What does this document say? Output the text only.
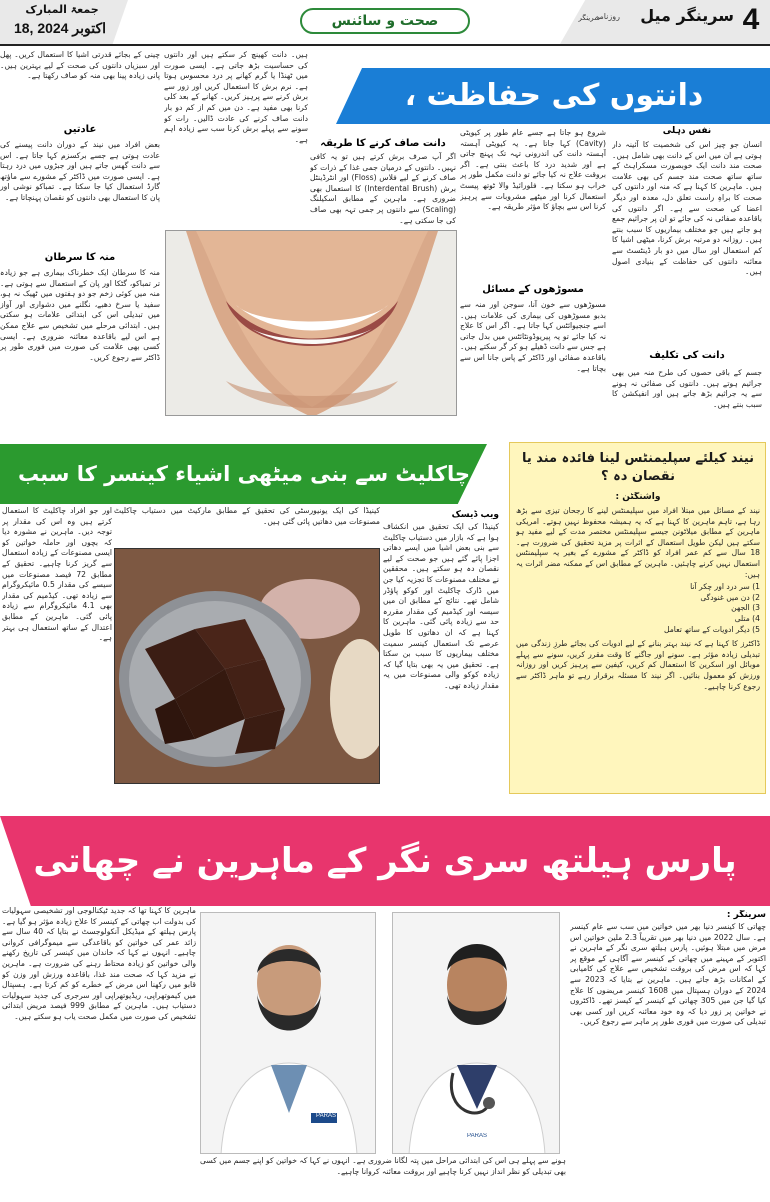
جمعۃ المبارک
18, اکتوبر 2024	صحت و سائنس	4
سرینگر میل
روزنامہ
سرینگر
دانتوں کی حفاظت ،
نفس دہلی
انسان جو چیز اس کی شخصیت کا آئینہ دار ہوتی ہے ان میں اس کے دانت بھی شامل ہیں۔ صحت مند دانت ایک خوبصورت مسکراہٹ کے ساتھ ساتھ صحت مند جسم کی بھی علامت ہیں۔ ماہرین کا کہنا ہے کہ منہ اور دانتوں کی صحت کا براہِ راست تعلق دل، معدہ اور دیگر اعضا کی صحت سے ہے۔ اگر دانتوں کی باقاعدہ صفائی نہ کی جائے تو ان پر جراثیم جمع ہو جاتے ہیں جو مختلف بیماریوں کا سبب بنتے ہیں۔ روزانہ دو مرتبہ برش کرنا، میٹھی اشیا کا کم استعمال اور سال میں دو بار ڈینٹسٹ سے معائنہ دانتوں کی حفاظت کے بنیادی اصول ہیں۔
شروع ہو جاتا ہے جسے عام طور پر کیویٹی (Cavity) کہا جاتا ہے۔ یہ کیویٹی آہستہ آہستہ دانت کی اندرونی تہہ تک پہنچ جاتی ہے اور شدید درد کا باعث بنتی ہے۔ اگر بروقت علاج نہ کیا جائے تو دانت مکمل طور پر خراب ہو سکتا ہے۔ فلورائیڈ والا ٹوتھ پیسٹ استعمال کرنا اور میٹھے مشروبات سے پرہیز کرنا اس سے بچاؤ کا مؤثر طریقہ ہے۔
دانت صاف کرنے کا طریقہ
اگر آپ صرف برش کرتے ہیں تو یہ کافی نہیں۔ دانتوں کے درمیان جمی غذا کے ذرات کو صاف کرنے کے لیے فلاس (Floss) اور انٹرڈینٹل برش (Interdental Brush) کا استعمال بھی ضروری ہے۔ ماہرین کے مطابق اسکیلنگ (Scaling) سے دانتوں پر جمی تہہ بھی صاف کی جا سکتی ہے۔
ہیں۔ دانت کھینچ کر سکتے ہیں اور دانتوں کی حساسیت بڑھ جاتی ہے۔ ایسی صورت میں ٹھنڈا یا گرم کھانے پر درد محسوس ہوتا ہے۔ نرم برش کا استعمال کریں اور زور سے برش کرنے سے پرہیز کریں۔ کھانے کے بعد کلی کرنا بھی مفید ہے۔ دن میں کم از کم دو بار دانت صاف کرنے کی عادت ڈالیں۔ رات کو سونے سے پہلے برش کرنا سب سے زیادہ اہم ہے۔
چینی کے بجائے قدرتی اشیا کا استعمال کریں۔ پھل اور سبزیاں دانتوں کی صحت کے لیے بہترین ہیں۔ پانی زیادہ پینا بھی منہ کو صاف رکھتا ہے۔
عادتیں
بعض افراد میں نیند کے دوران دانت پیسنے کی عادت ہوتی ہے جسے برکسزم کہا جاتا ہے۔ اس سے دانت گھس جاتے ہیں اور جبڑوں میں درد رہتا ہے۔ ایسی صورت میں ڈاکٹر کے مشورے سے ماؤتھ گارڈ استعمال کیا جا سکتا ہے۔ تمباکو نوشی اور پان کا استعمال بھی دانتوں کو نقصان پہنچاتا ہے۔
منہ کا سرطان
منہ کا سرطان ایک خطرناک بیماری ہے جو زیادہ تر تمباکو، گٹکا اور پان کے استعمال سے ہوتی ہے۔ منہ میں کوئی زخم جو دو ہفتوں میں ٹھیک نہ ہو، سفید یا سرخ دھبے، نگلنے میں دشواری اور آواز میں تبدیلی اس کی ابتدائی علامات ہو سکتی ہیں۔ ابتدائی مرحلے میں تشخیص سے علاج ممکن ہے اس لیے باقاعدہ معائنہ ضروری ہے۔ ایسی کسی بھی علامت کی صورت میں فوری طور پر ڈاکٹر سے رجوع کریں۔
مسوڑھوں کے مسائل
مسوڑھوں سے خون آنا، سوجن اور منہ سے بدبو مسوڑھوں کی بیماری کی علامات ہیں۔ اسے جنجیوائٹس کہا جاتا ہے۔ اگر اس کا علاج نہ کیا جائے تو یہ پیریوڈونٹائٹس میں بدل جاتی ہے جس سے دانت ڈھیلے ہو کر گر سکتے ہیں۔ باقاعدہ صفائی اور ڈاکٹر کے پاس جانا اس سے بچاتا ہے۔
دانت کی تکلیف
جسم کے باقی حصوں کی طرح منہ میں بھی جراثیم ہوتے ہیں۔ دانتوں کی صفائی نہ ہونے سے یہ جراثیم بڑھ جاتے ہیں اور انفیکشن کا سبب بنتے ہیں۔
چاکلیٹ سے بنی میٹھی اشیاء کینسر کا سبب
ویب ڈیسک
کینیڈا کی ایک تحقیق میں انکشاف ہوا ہے کہ بازار میں دستیاب چاکلیٹ سے بنی بعض اشیا میں ایسے دھاتی اجزا پائے گئے ہیں جو صحت کے لیے نقصان دہ ہو سکتے ہیں۔ محققین نے مختلف مصنوعات کا تجزیہ کیا جن میں ڈارک چاکلیٹ اور کوکو پاؤڈر شامل تھے۔ نتائج کے مطابق ان میں سیسہ اور کیڈمیم کی مقدار مقررہ حد سے زیادہ پائی گئی۔ ماہرین کا کہنا ہے کہ ان دھاتوں کا طویل عرصے تک استعمال کینسر سمیت مختلف بیماریوں کا سبب بن سکتا ہے۔ تحقیق میں یہ بھی بتایا گیا کہ زیادہ کوکو والی مصنوعات میں یہ مقدار زیادہ تھی۔
اور جو افراد چاکلیٹ کا استعمال کرتے ہیں وہ اس کی مقدار پر توجہ دیں۔ ماہرین نے مشورہ دیا کہ بچوں اور حاملہ خواتین کو ایسی مصنوعات کے زیادہ استعمال سے گریز کرنا چاہیے۔ تحقیق کے مطابق 72 فیصد مصنوعات میں سیسے کی مقدار 0.5 مائیکروگرام سے زیادہ تھی۔ کیڈمیم کی مقدار بھی 4.1 مائیکروگرام سے زیادہ پائی گئی۔ ماہرین کے مطابق اعتدال کے ساتھ استعمال ہی بہتر ہے۔
کینیڈا کی ایک یونیورسٹی کی تحقیق کے مطابق مارکیٹ میں دستیاب چاکلیٹ مصنوعات میں دھاتیں پائی گئی ہیں۔
نیند کیلئے سپلیمنٹس لینا فائدہ مند یا نقصان دہ ؟
واشنگٹن :
نیند کے مسائل میں مبتلا افراد میں سپلیمنٹس لینے کا رجحان تیزی سے بڑھ رہا ہے، تاہم ماہرین کا کہنا ہے کہ یہ ہمیشہ محفوظ نہیں ہوتے۔ امریکی ماہرین کے مطابق میلاٹونن جیسے سپلیمنٹس مختصر مدت کے لیے مفید ہو سکتے ہیں لیکن طویل استعمال کے اثرات پر مزید تحقیق کی ضرورت ہے۔ 18 سال سے کم عمر افراد کو ڈاکٹر کے مشورے کے بغیر یہ سپلیمنٹس استعمال نہیں کرنے چاہئیں۔ ماہرین کے مطابق اس کے ممکنہ مضر اثرات یہ ہیں:
1) سر درد اور چکر آنا
2) دن میں غنودگی
3) الجھن
4) متلی
5) دیگر ادویات کے ساتھ تعامل
ڈاکٹرز کا کہنا ہے کہ نیند بہتر بنانے کے لیے ادویات کی بجائے طرزِ زندگی میں تبدیلی زیادہ مؤثر ہے۔ سونے اور جاگنے کا وقت مقرر کریں، سونے سے پہلے موبائل اور اسکرین کا استعمال کم کریں، کیفین سے پرہیز کریں اور روزانہ ورزش کو معمول بنائیں۔ اگر نیند کا مسئلہ برقرار رہے تو ماہر ڈاکٹر سے رجوع کرنا چاہیے۔
پارس ہیلتھ سری نگر کے ماہرین نے چھاتی
سرینگر :
چھاتی کا کینسر دنیا بھر میں خواتین میں سب سے عام کینسر ہے۔ سال 2022 میں دنیا بھر میں تقریباً 2.3 ملین خواتین اس مرض میں مبتلا ہوئیں۔ پارس ہیلتھ سری نگر کے ماہرین نے اکتوبر کے مہینے میں چھاتی کے کینسر سے آگاہی کے موقع پر کہا کہ اس مرض کی بروقت تشخیص سے علاج کی کامیابی کے امکانات بڑھ جاتے ہیں۔ ماہرین نے بتایا کہ 2023 سے 2024 کے دوران ہسپتال میں 1608 کینسر مریضوں کا علاج کیا گیا جن میں 305 چھاتی کے کینسر کے کیسز تھے۔ ڈاکٹروں نے خواتین پر زور دیا کہ وہ خود معائنہ کریں اور کسی بھی تبدیلی کی صورت میں فوری طور پر ماہر سے رجوع کریں۔
ماہرین کا کہنا تھا کہ جدید ٹیکنالوجی اور تشخیصی سہولیات کی بدولت اب چھاتی کے کینسر کا علاج زیادہ مؤثر ہو گیا ہے۔ پارس ہیلتھ کے میڈیکل آنکولوجسٹ نے بتایا کہ 40 سال سے زائد عمر کی خواتین کو باقاعدگی سے میموگرافی کروانی چاہیے۔ انہوں نے کہا کہ خاندان میں کینسر کی تاریخ رکھنے والی خواتین کو زیادہ محتاط رہنے کی ضرورت ہے۔ ماہرین نے مزید کہا کہ صحت مند غذا، باقاعدہ ورزش اور وزن کو قابو میں رکھنا اس مرض کے خطرے کو کم کرتا ہے۔ ہسپتال میں کیموتھراپی، ریڈیوتھراپی اور سرجری کی جدید سہولیات دستیاب ہیں۔ ماہرین کے مطابق 999 فیصد مریض ابتدائی تشخیص کی صورت میں مکمل صحت یاب ہو سکتے ہیں۔
ہونے سے پہلے ہی اس کی ابتدائی مراحل میں پتہ لگانا ضروری ہے۔ انہوں نے کہا کہ خواتین کو اپنے جسم میں کسی بھی تبدیلی کو نظر انداز نہیں کرنا چاہیے اور بروقت معائنہ کروانا چاہیے۔
PARAS
PARAS
